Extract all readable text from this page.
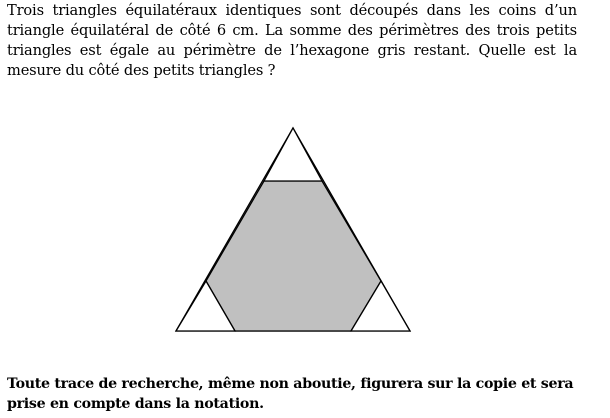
Trois triangles équilatéraux identiques sont découpés dans les coins d’un triangle équilatéral de côté 6 cm. La somme des périmètres des trois petits triangles est égale au périmètre de l’hexagone gris restant. Quelle est la mesure du côté des petits triangles ?
Toute trace de recherche, même non aboutie, figurera sur la copie et sera prise en compte dans la notation.
